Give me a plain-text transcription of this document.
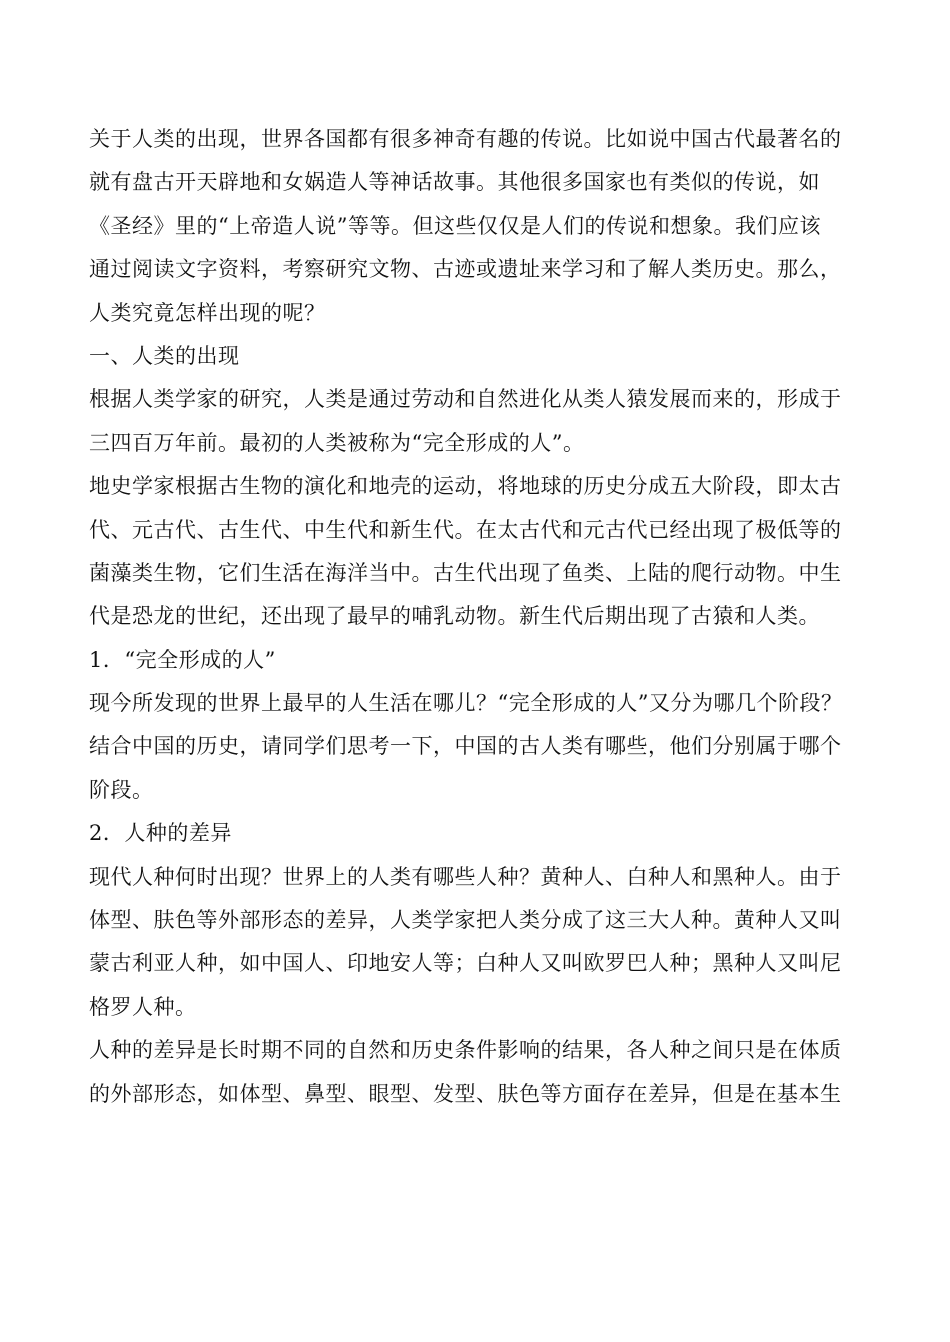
关于人类的出现，世界各国都有很多神奇有趣的传说。比如说中国古代最著名的
就有盘古开天辟地和女娲造人等神话故事。其他很多国家也有类似的传说，如
《圣经》里的“上帝造人说”等等。但这些仅仅是人们的传说和想象。我们应该
通过阅读文字资料，考察研究文物、古迹或遗址来学习和了解人类历史。那么，
人类究竟怎样出现的呢？
一、人类的出现
根据人类学家的研究，人类是通过劳动和自然进化从类人猿发展而来的，形成于
三四百万年前。最初的人类被称为“完全形成的人”。
地史学家根据古生物的演化和地壳的运动，将地球的历史分成五大阶段，即太古
代、元古代、古生代、中生代和新生代。在太古代和元古代已经出现了极低等的
菌藻类生物，它们生活在海洋当中。古生代出现了鱼类、上陆的爬行动物。中生
代是恐龙的世纪，还出现了最早的哺乳动物。新生代后期出现了古猿和人类。
1．“完全形成的人”
现今所发现的世界上最早的人生活在哪儿？“完全形成的人”又分为哪几个阶段？
结合中国的历史，请同学们思考一下，中国的古人类有哪些，他们分别属于哪个
阶段。
2．人种的差异
现代人种何时出现？世界上的人类有哪些人种？黄种人、白种人和黑种人。由于
体型、肤色等外部形态的差异，人类学家把人类分成了这三大人种。黄种人又叫
蒙古利亚人种，如中国人、印地安人等；白种人又叫欧罗巴人种；黑种人又叫尼
格罗人种。
人种的差异是长时期不同的自然和历史条件影响的结果，各人种之间只是在体质
的外部形态，如体型、鼻型、眼型、发型、肤色等方面存在差异，但是在基本生
